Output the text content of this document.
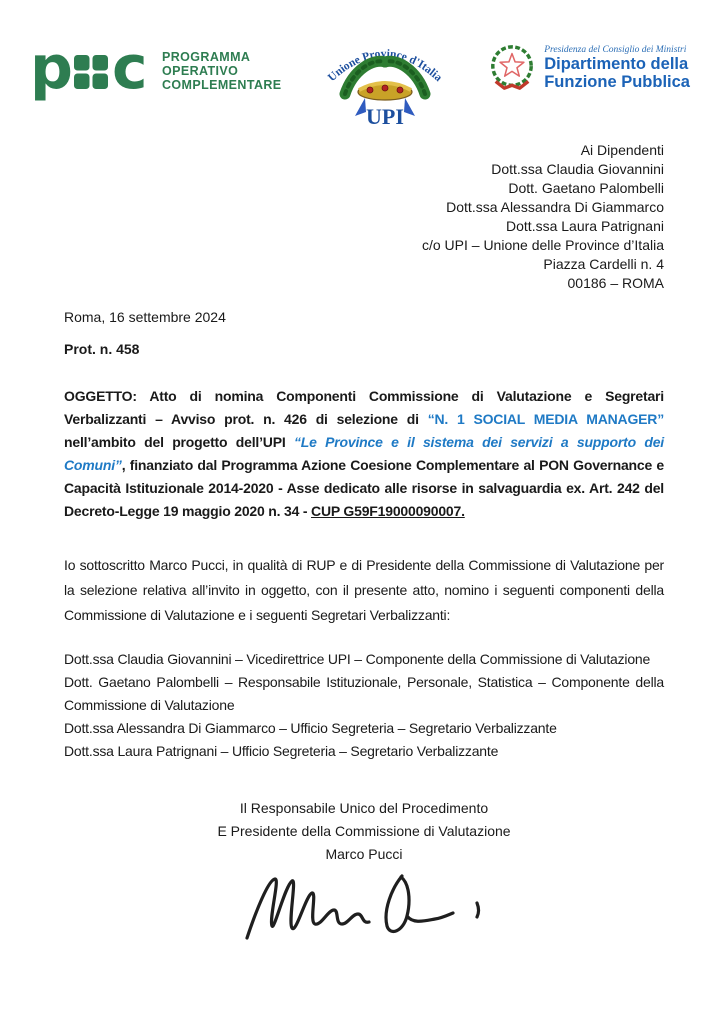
p c PROGRAMMA
OPERATIVO
COMPLEMENTARE
Unione Province d'Italia
UPI
Presidenza del Consiglio dei Ministri
Dipartimento della
Funzione Pubblica
Ai Dipendenti
Dott.ssa Claudia Giovannini
Dott. Gaetano Palombelli
Dott.ssa Alessandra Di Giammarco
Dott.ssa Laura Patrignani
c/o UPI – Unione delle Province d’Italia
Piazza Cardelli n. 4
00186 – ROMA
Roma, 16 settembre 2024
Prot. n. 458

OGGETTO: Atto di nomina Componenti Commissione di Valutazione e Segretari Verbalizzanti – Avviso prot. n. 426 di selezione di “N. 1 SOCIAL MEDIA MANAGER” nell’ambito del progetto dell’UPI “Le Province e il sistema dei servizi a supporto dei Comuni”, finanziato dal Programma Azione Coesione Complementare al PON Governance e Capacità Istituzionale 2014-2020 - Asse dedicato alle risorse in salvaguardia ex. Art. 242 del Decreto-Legge 19 maggio 2020 n. 34 - CUP G59F19000090007.

Io sottoscritto Marco Pucci, in qualità di RUP e di Presidente della Commissione di Valutazione per la selezione relativa all’invito in oggetto, con il presente atto, nomino i seguenti componenti della Commissione di Valutazione e i seguenti Segretari Verbalizzanti:

Dott.ssa Claudia Giovannini – Vicedirettrice UPI – Componente della Commissione di Valutazione
Dott. Gaetano Palombelli – Responsabile Istituzionale, Personale, Statistica – Componente della Commissione di Valutazione
Dott.ssa Alessandra Di Giammarco – Ufficio Segreteria – Segretario Verbalizzante
Dott.ssa Laura Patrignani – Ufficio Segreteria – Segretario Verbalizzante
Il Responsabile Unico del Procedimento
E Presidente della Commissione di Valutazione
Marco Pucci
